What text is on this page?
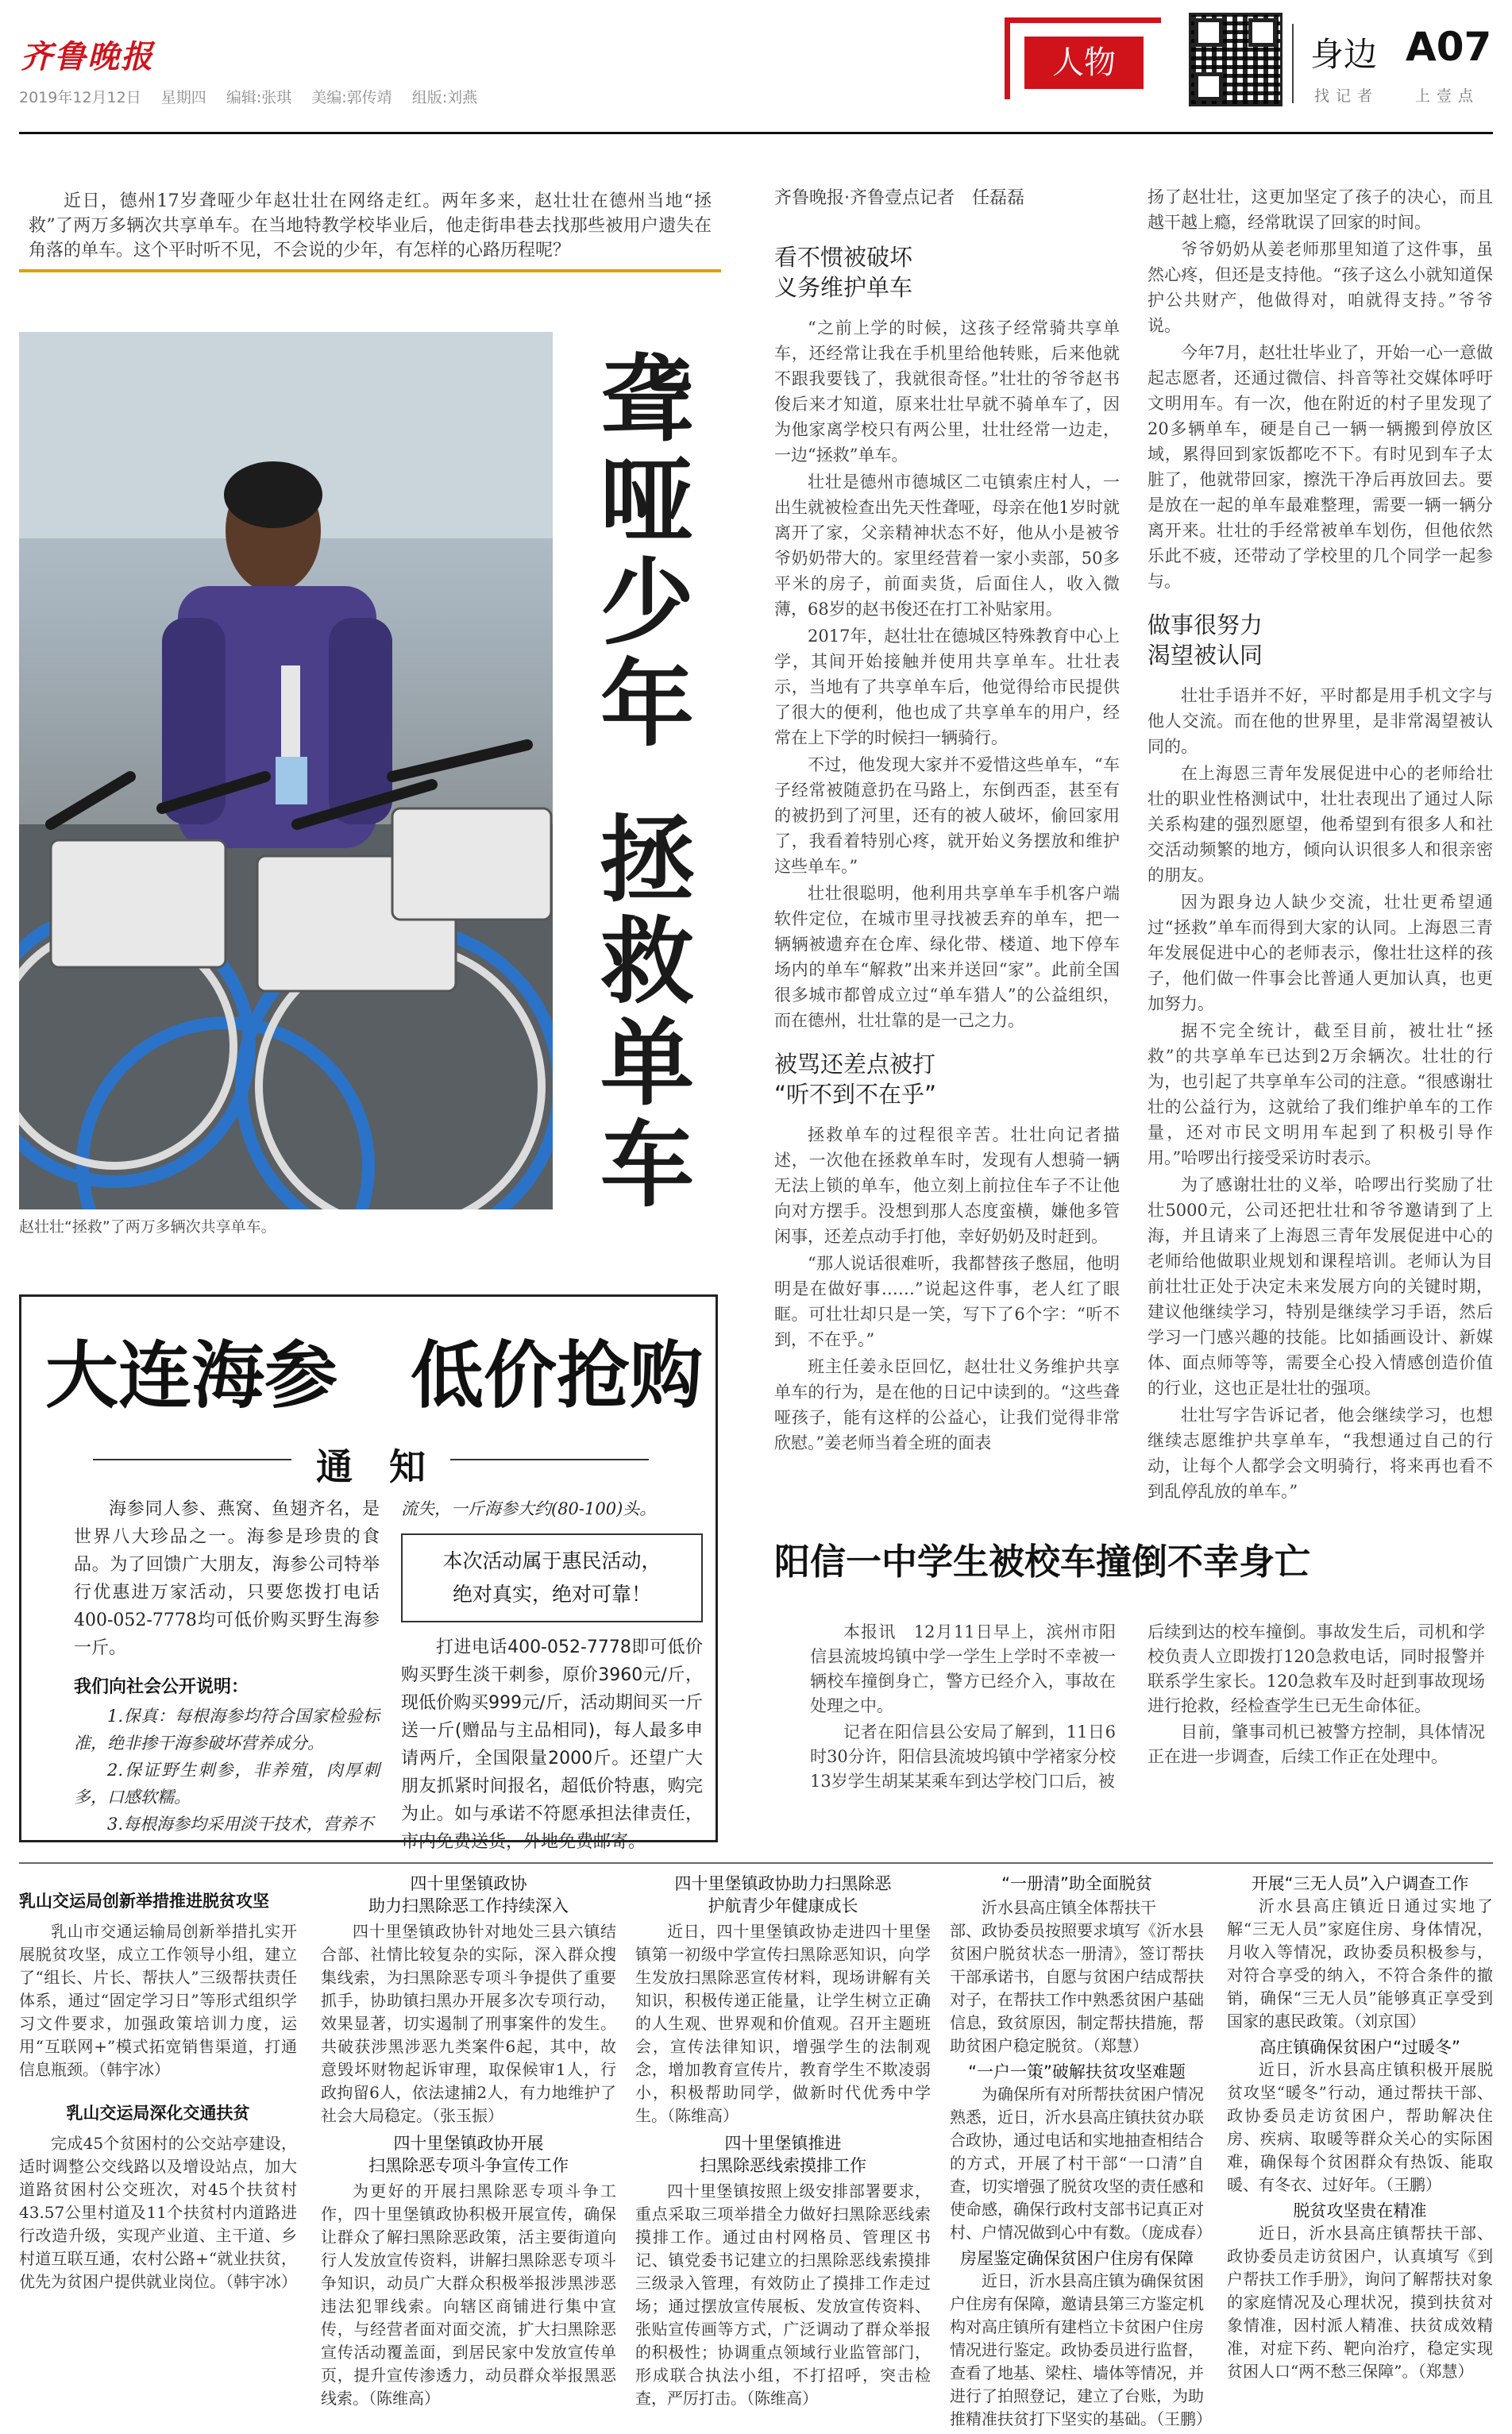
齐鲁晚报
2019年12月12日　 星期四　 编辑:张琪　 美编:郭传靖　 组版:刘燕
人物	身边 A07
找记者 上壹点
近日，德州17岁聋哑少年赵壮壮在网络走红。两年多来，赵壮壮在德州当地“拯救”了两万多辆次共享单车。在当地特教学校毕业后，他走街串巷去找那些被用户遗失在角落的单车。这个平时听不见，不会说的少年，有怎样的心路历程呢？
赵壮壮“拯救”了两万多辆次共享单车。
聋哑少年
拯救单车
齐鲁晚报·齐鲁壹点记者　任磊磊
看不惯被破坏
义务维护单车

“之前上学的时候，这孩子经常骑共享单车，还经常让我在手机里给他转账，后来他就不跟我要钱了，我就很奇怪。”壮壮的爷爷赵书俊后来才知道，原来壮壮早就不骑单车了，因为他家离学校只有两公里，壮壮经常一边走，一边“拯救”单车。

壮壮是德州市德城区二屯镇索庄村人，一出生就被检查出先天性聋哑，母亲在他1岁时就离开了家，父亲精神状态不好，他从小是被爷爷奶奶带大的。家里经营着一家小卖部，50多平米的房子，前面卖货，后面住人，收入微薄，68岁的赵书俊还在打工补贴家用。

2017年，赵壮壮在德城区特殊教育中心上学，其间开始接触并使用共享单车。壮壮表示，当地有了共享单车后，他觉得给市民提供了很大的便利，他也成了共享单车的用户，经常在上下学的时候扫一辆骑行。

不过，他发现大家并不爱惜这些单车，“车子经常被随意扔在马路上，东倒西歪，甚至有的被扔到了河里，还有的被人破坏，偷回家用了，我看着特别心疼，就开始义务摆放和维护这些单车。”

壮壮很聪明，他利用共享单车手机客户端软件定位，在城市里寻找被丢弃的单车，把一辆辆被遗弃在仓库、绿化带、楼道、地下停车场内的单车“解救”出来并送回“家”。此前全国很多城市都曾成立过“单车猎人”的公益组织，而在德州，壮壮靠的是一己之力。

被骂还差点被打
“听不到不在乎”

拯救单车的过程很辛苦。壮壮向记者描述，一次他在拯救单车时，发现有人想骑一辆无法上锁的单车，他立刻上前拉住车子不让他向对方摆手。没想到那人态度蛮横，嫌他多管闲事，还差点动手打他，幸好奶奶及时赶到。

“那人说话很难听，我都替孩子憋屈，他明明是在做好事……”说起这件事，老人红了眼眶。可壮壮却只是一笑，写下了6个字：“听不到，不在乎。”

班主任姜永臣回忆，赵壮壮义务维护共享单车的行为，是在他的日记中读到的。“这些聋哑孩子，能有这样的公益心，让我们觉得非常欣慰。”姜老师当着全班的面表

扬了赵壮壮，这更加坚定了孩子的决心，而且越干越上瘾，经常耽误了回家的时间。

爷爷奶奶从姜老师那里知道了这件事，虽然心疼，但还是支持他。“孩子这么小就知道保护公共财产，他做得对，咱就得支持。”爷爷说。

今年7月，赵壮壮毕业了，开始一心一意做起志愿者，还通过微信、抖音等社交媒体呼吁文明用车。有一次，他在附近的村子里发现了20多辆单车，硬是自己一辆一辆搬到停放区域，累得回到家饭都吃不下。有时见到车子太脏了，他就带回家，擦洗干净后再放回去。要是放在一起的单车最难整理，需要一辆一辆分离开来。壮壮的手经常被单车划伤，但他依然乐此不疲，还带动了学校里的几个同学一起参与。

做事很努力
渴望被认同

壮壮手语并不好，平时都是用手机文字与他人交流。而在他的世界里，是非常渴望被认同的。

在上海恩三青年发展促进中心的老师给壮壮的职业性格测试中，壮壮表现出了通过人际关系构建的强烈愿望，他希望到有很多人和社交活动频繁的地方，倾向认识很多人和很亲密的朋友。

因为跟身边人缺少交流，壮壮更希望通过“拯救”单车而得到大家的认同。上海恩三青年发展促进中心的老师表示，像壮壮这样的孩子，他们做一件事会比普通人更加认真，也更加努力。

据不完全统计，截至目前，被壮壮“拯救”的共享单车已达到2万余辆次。壮壮的行为，也引起了共享单车公司的注意。“很感谢壮壮的公益行为，这就给了我们维护单车的工作量，还对市民文明用车起到了积极引导作用。”哈啰出行接受采访时表示。

为了感谢壮壮的义举，哈啰出行奖励了壮壮5000元，公司还把壮壮和爷爷邀请到了上海，并且请来了上海恩三青年发展促进中心的老师给他做职业规划和课程培训。老师认为目前壮壮正处于决定未来发展方向的关键时期，建议他继续学习，特别是继续学习手语，然后学习一门感兴趣的技能。比如插画设计、新媒体、面点师等等，需要全心投入情感创造价值的行业，这也正是壮壮的强项。

壮壮写字告诉记者，他会继续学习，也想继续志愿维护共享单车，“我想通过自己的行动，让每个人都学会文明骑行，将来再也看不到乱停乱放的单车。”

大连海参　低价抢购
通　知
海参同人参、燕窝、鱼翅齐名，是世界八大珍品之一。海参是珍贵的食品。为了回馈广大朋友，海参公司特举行优惠进万家活动，只要您拨打电话400-052-7778均可低价购买野生海参一斤。
我们向社会公开说明：
1.保真：每根海参均符合国家检验标准，绝非掺干海参破坏营养成分。
2.保证野生刺参，非养殖，肉厚刺多，口感软糯。
3.每根海参均采用淡干技术，营养不
流失，一斤海参大约(80-100)头。
本次活动属于惠民活动，
绝对真实，绝对可靠！
打进电话400-052-7778即可低价购买野生淡干刺参，原价3960元/斤，现低价购买999元/斤，活动期间买一斤送一斤(赠品与主品相同)，每人最多申请两斤，全国限量2000斤。还望广大朋友抓紧时间报名，超低价特惠，购完为止。如与承诺不符愿承担法律责任，市内免费送货，外地免费邮寄。
阳信一中学生被校车撞倒不幸身亡

本报讯　12月11日早上，滨州市阳信县流坡坞镇中学一学生上学时不幸被一辆校车撞倒身亡，警方已经介入，事故在处理之中。

记者在阳信县公安局了解到，11日6时30分许，阳信县流坡坞镇中学褚家分校13岁学生胡某某乘车到达学校门口后，被

后续到达的校车撞倒。事故发生后，司机和学校负责人立即拨打120急救电话，同时报警并联系学生家长。120急救车及时赶到事故现场进行抢救，经检查学生已无生命体征。

目前，肇事司机已被警方控制，具体情况正在进一步调查，后续工作正在处理中。

乳山交运局创新举措推进脱贫攻坚

乳山市交通运输局创新举措扎实开展脱贫攻坚，成立工作领导小组，建立了“组长、片长、帮扶人”三级帮扶责任体系，通过“固定学习日”等形式组织学习文件要求，加强政策培训力度，运用“互联网+”模式拓宽销售渠道，打通信息瓶颈。（韩宇冰）

乳山交运局深化交通扶贫

完成45个贫困村的公交站亭建设，适时调整公交线路以及增设站点，加大道路贫困村公交班次，对45个扶贫村43.57公里村道及11个扶贫村内道路进行改造升级，实现产业道、主干道、乡村道互联互通，农村公路+“就业扶贫，优先为贫困户提供就业岗位。（韩宇冰）

四十里堡镇政协
助力扫黑除恶工作持续深入

四十里堡镇政协针对地处三县六镇结合部、社情比较复杂的实际，深入群众搜集线索，为扫黑除恶专项斗争提供了重要抓手，协助镇扫黑办开展多次专项行动，效果显著，切实遏制了刑事案件的发生。共破获涉黑涉恶九类案件6起，其中，故意毁坏财物起诉审理，取保候审1人，行政拘留6人，依法逮捕2人，有力地维护了社会大局稳定。（张玉振）

四十里堡镇政协开展
扫黑除恶专项斗争宣传工作

为更好的开展扫黑除恶专项斗争工作，四十里堡镇政协积极开展宣传，确保让群众了解扫黑除恶政策，活主要街道向行人发放宣传资料，讲解扫黑除恶专项斗争知识，动员广大群众积极举报涉黑涉恶违法犯罪线索。向辖区商铺进行集中宣传，与经营者面对面交流，扩大扫黑除恶宣传活动覆盖面，到居民家中发放宣传单页，提升宣传渗透力，动员群众举报黑恶线索。（陈维高）

四十里堡镇政协助力扫黑除恶
护航青少年健康成长

近日，四十里堡镇政协走进四十里堡镇第一初级中学宣传扫黑除恶知识，向学生发放扫黑除恶宣传材料，现场讲解有关知识，积极传递正能量，让学生树立正确的人生观、世界观和价值观。召开主题班会，宣传法律知识，增强学生的法制观念，增加教育宣传片，教育学生不欺凌弱小，积极帮助同学，做新时代优秀中学生。（陈维高）

四十里堡镇推进
扫黑除恶线索摸排工作

四十里堡镇按照上级安排部署要求，重点采取三项举措全力做好扫黑除恶线索摸排工作。通过由村网格员、管理区书记、镇党委书记建立的扫黑除恶线索摸排三级录入管理，有效防止了摸排工作走过场；通过摆放宣传展板、发放宣传资料、张贴宣传画等方式，广泛调动了群众举报的积极性；协调重点领域行业监管部门，形成联合执法小组，不打招呼，突击检查，严厉打击。（陈维高）

“一册清”助全面脱贫

沂水县高庄镇全体帮扶干

部、政协委员按照要求填写《沂水县贫困户脱贫状态一册清》，签订帮扶干部承诺书，自愿与贫困户结成帮扶对子，在帮扶工作中熟悉贫困户基础信息，致贫原因，制定帮扶措施，帮助贫困户稳定脱贫。（郑慧）

“一户一策”破解扶贫攻坚难题

为确保所有对所帮扶贫困户情况熟悉，近日，沂水县高庄镇扶贫办联合政协，通过电话和实地抽查相结合的方式，开展了村干部“一口清”自查，切实增强了脱贫攻坚的责任感和使命感，确保行政村支部书记真正对村、户情况做到心中有数。（庞成春）

房屋鉴定确保贫困户住房有保障

近日，沂水县高庄镇为确保贫困户住房有保障，邀请县第三方鉴定机构对高庄镇所有建档立卡贫困户住房情况进行鉴定。政协委员进行监督，查看了地基、梁柱、墙体等情况，并进行了拍照登记，建立了台账，为助推精准扶贫打下坚实的基础。（王鹏）

开展“三无人员”入户调查工作

沂水县高庄镇近日通过实地了解“三无人员”家庭住房、身体情况，月收入等情况，政协委员积极参与，对符合享受的纳入，不符合条件的撤销，确保“三无人员”能够真正享受到国家的惠民政策。（刘京国）

高庄镇确保贫困户“过暖冬”

近日，沂水县高庄镇积极开展脱贫攻坚“暖冬”行动，通过帮扶干部、政协委员走访贫困户，帮助解决住房、疾病、取暖等群众关心的实际困难，确保每个贫困群众有热饭、能取暖、有冬衣、过好年。（王鹏）

脱贫攻坚贵在精准

近日，沂水县高庄镇帮扶干部、政协委员走访贫困户，认真填写《到户帮扶工作手册》，询问了解帮扶对象的家庭情况及心理状况，摸到扶贫对象情准，因村派人精准、扶贫成效精准，对症下药、靶向治疗，稳定实现贫困人口“两不愁三保障”。（郑慧）
